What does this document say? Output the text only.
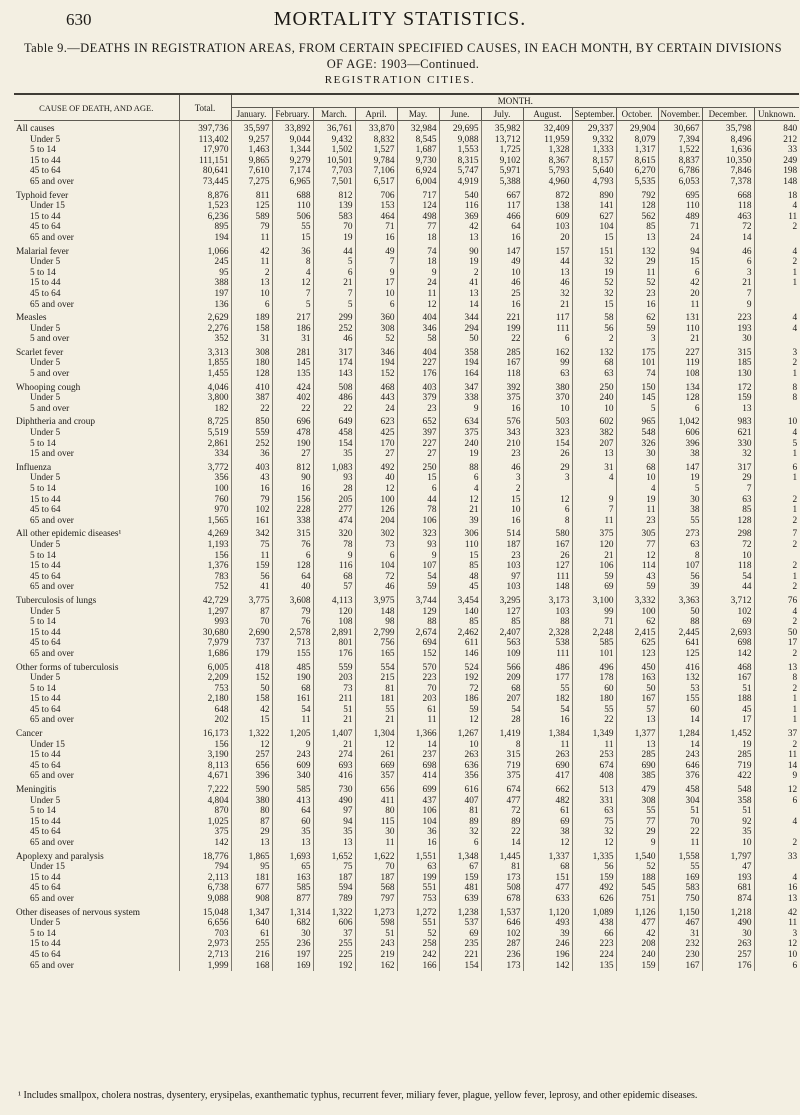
630	MORTALITY STATISTICS.
Table 9.—DEATHS IN REGISTRATION AREAS, FROM CERTAIN SPECIFIED CAUSES, IN EACH MONTH, BY CERTAIN DIVISIONS OF AGE: 1903—Continued.
REGISTRATION CITIES.
CAUSE OF DEATH, AND AGE.	Total.	MONTH.												
		January.	February.	March.	April.	May.	June.	July.	August.	September.	October.	November.	December.	Unknown.
All causes	397,736	35,597	33,892	36,761	33,870	32,984	29,695	35,982	32,409	29,337	29,904	30,667	35,798	840
Under 5	113,402	9,257	9,044	9,432	8,832	8,545	9,088	13,712	11,959	9,332	8,079	7,394	8,496	212
5 to 14	17,970	1,463	1,344	1,502	1,527	1,687	1,553	1,725	1,328	1,333	1,317	1,522	1,636	33
15 to 44	111,151	9,865	9,279	10,501	9,784	9,730	8,315	9,102	8,367	8,157	8,615	8,837	10,350	249
45 to 64	80,641	7,610	7,174	7,703	7,106	6,924	5,747	5,971	5,793	5,640	6,270	6,786	7,846	198
65 and over	73,445	7,275	6,965	7,501	6,517	6,004	4,919	5,388	4,960	4,793	5,535	6,053	7,378	148
Typhoid fever	8,876	811	688	812	706	717	540	667	872	890	792	695	668	18
Under 15	1,523	125	110	139	153	124	116	117	138	141	128	110	118	4
15 to 44	6,236	589	506	583	464	498	369	466	609	627	562	489	463	11
45 to 64	895	79	55	70	71	77	42	64	103	104	85	71	72	2
65 and over	194	11	15	19	16	18	13	16	20	15	13	24	14	
Malarial fever	1,066	42	36	44	49	74	90	147	157	151	132	94	46	4
Under 5	245	11	8	5	7	18	19	49	44	32	29	15	6	2
5 to 14	95	2	4	6	9	9	2	10	13	19	11	6	3	1
15 to 44	388	13	12	21	17	24	41	46	46	52	52	42	21	1
45 to 64	197	10	7	7	10	11	13	25	32	32	23	20	7	
65 and over	136	6	5	5	6	12	14	16	21	15	16	11	9	
Measles	2,629	189	217	299	360	404	344	221	117	58	62	131	223	4
Under 5	2,276	158	186	252	308	346	294	199	111	56	59	110	193	4
5 and over	352	31	31	46	52	58	50	22	6	2	3	21	30	
Scarlet fever	3,313	308	281	317	346	404	358	285	162	132	175	227	315	3
Under 5	1,855	180	145	174	194	227	194	167	99	68	101	119	185	2
5 and over	1,455	128	135	143	152	176	164	118	63	63	74	108	130	1
Whooping cough	4,046	410	424	508	468	403	347	392	380	250	150	134	172	8
Under 5	3,800	387	402	486	443	379	338	375	370	240	145	128	159	8
5 and over	182	22	22	22	24	23	9	16	10	10	5	6	13	
Diphtheria and croup	8,725	850	696	649	623	652	634	576	503	602	965	1,042	983	10
Under 5	5,519	559	478	458	425	397	375	343	323	382	548	606	621	4
5 to 14	2,861	252	190	154	170	227	240	210	154	207	326	396	330	5
15 and over	334	36	27	35	27	27	19	23	26	13	30	38	32	1
Influenza	3,772	403	812	1,083	492	250	88	46	29	31	68	147	317	6
Under 5	356	43	90	93	40	15	6	3	3	4	10	19	29	1
5 to 14	100	16	16	28	12	6	4	2			4	5	7	
15 to 44	760	79	156	205	100	44	12	15	12	9	19	30	63	2
45 to 64	970	102	228	277	126	78	21	10	6	7	11	38	85	1
65 and over	1,565	161	338	474	204	106	39	16	8	11	23	55	128	2
All other epidemic diseases¹	4,269	342	315	320	302	323	306	514	580	375	305	273	298	7
Under 5	1,193	75	76	78	73	93	110	187	167	120	77	63	72	2
5 to 14	156	11	6	9	6	9	15	23	26	21	12	8	10	
15 to 44	1,376	159	128	116	104	107	85	103	127	106	114	107	118	2
45 to 64	783	56	64	68	72	54	48	97	111	59	43	56	54	1
65 and over	752	41	40	57	46	59	45	103	148	69	59	39	44	2
Tuberculosis of lungs	42,729	3,775	3,608	4,113	3,975	3,744	3,454	3,295	3,173	3,100	3,332	3,363	3,712	76
Under 5	1,297	87	79	120	148	129	140	127	103	99	100	50	102	4
5 to 14	993	70	76	108	98	88	85	85	88	71	62	88	69	2
15 to 44	30,680	2,690	2,578	2,891	2,799	2,674	2,462	2,407	2,328	2,248	2,415	2,445	2,693	50
45 to 64	7,979	737	713	801	756	694	611	563	538	585	625	641	698	17
65 and over	1,686	179	155	176	165	152	146	109	111	101	123	125	142	2
Other forms of tuberculosis	6,005	418	485	559	554	570	524	566	486	496	450	416	468	13
Under 5	2,209	152	190	203	215	223	192	209	177	178	163	132	167	8
5 to 14	753	50	68	73	81	70	72	68	55	60	50	53	51	2
15 to 44	2,180	158	161	211	181	203	186	207	182	180	167	155	188	1
45 to 64	648	42	54	51	55	61	59	54	54	55	57	60	45	1
65 and over	202	15	11	21	21	11	12	28	16	22	13	14	17	1
Cancer	16,173	1,322	1,205	1,407	1,304	1,366	1,267	1,419	1,384	1,349	1,377	1,284	1,452	37
Under 15	156	12	9	21	12	14	10	8	11	11	13	14	19	2
15 to 44	3,190	257	243	274	261	237	263	315	263	253	285	243	285	11
45 to 64	8,113	656	609	693	669	698	636	719	690	674	690	646	719	14
65 and over	4,671	396	340	416	357	414	356	375	417	408	385	376	422	9
Meningitis	7,222	590	585	730	656	699	616	674	662	513	479	458	548	12
Under 5	4,804	380	413	490	411	437	407	477	482	331	308	304	358	6
5 to 14	870	80	64	97	80	106	81	72	61	63	55	51	51	
15 to 44	1,025	87	60	94	115	104	89	89	69	75	77	70	92	4
45 to 64	375	29	35	35	30	36	32	22	38	32	29	22	35	
65 and over	142	13	13	13	11	16	6	14	12	12	9	11	10	2
Apoplexy and paralysis	18,776	1,865	1,693	1,652	1,622	1,551	1,348	1,445	1,337	1,335	1,540	1,558	1,797	33
Under 15	794	95	65	75	70	63	67	81	68	56	52	55	47	
15 to 44	2,113	181	163	187	187	199	159	173	151	159	188	169	193	4
45 to 64	6,738	677	585	594	568	551	481	508	477	492	545	583	681	16
65 and over	9,088	908	877	789	797	753	639	678	633	626	751	750	874	13
Other diseases of nervous system	15,048	1,347	1,314	1,322	1,273	1,272	1,238	1,537	1,120	1,089	1,126	1,150	1,218	42
Under 5	6,656	640	682	606	598	551	537	646	493	438	477	467	490	11
5 to 14	703	61	30	37	51	52	69	102	39	66	42	31	30	3
15 to 44	2,973	255	236	255	243	258	235	287	246	223	208	232	263	12
45 to 64	2,713	216	197	225	219	242	221	236	196	224	240	230	257	10
65 and over	1,999	168	169	192	162	166	154	173	142	135	159	167	176	6
¹ Includes smallpox, cholera nostras, dysentery, erysipelas, exanthematic typhus, recurrent fever, miliary fever, plague, yellow fever, leprosy, and other epidemic diseases.
